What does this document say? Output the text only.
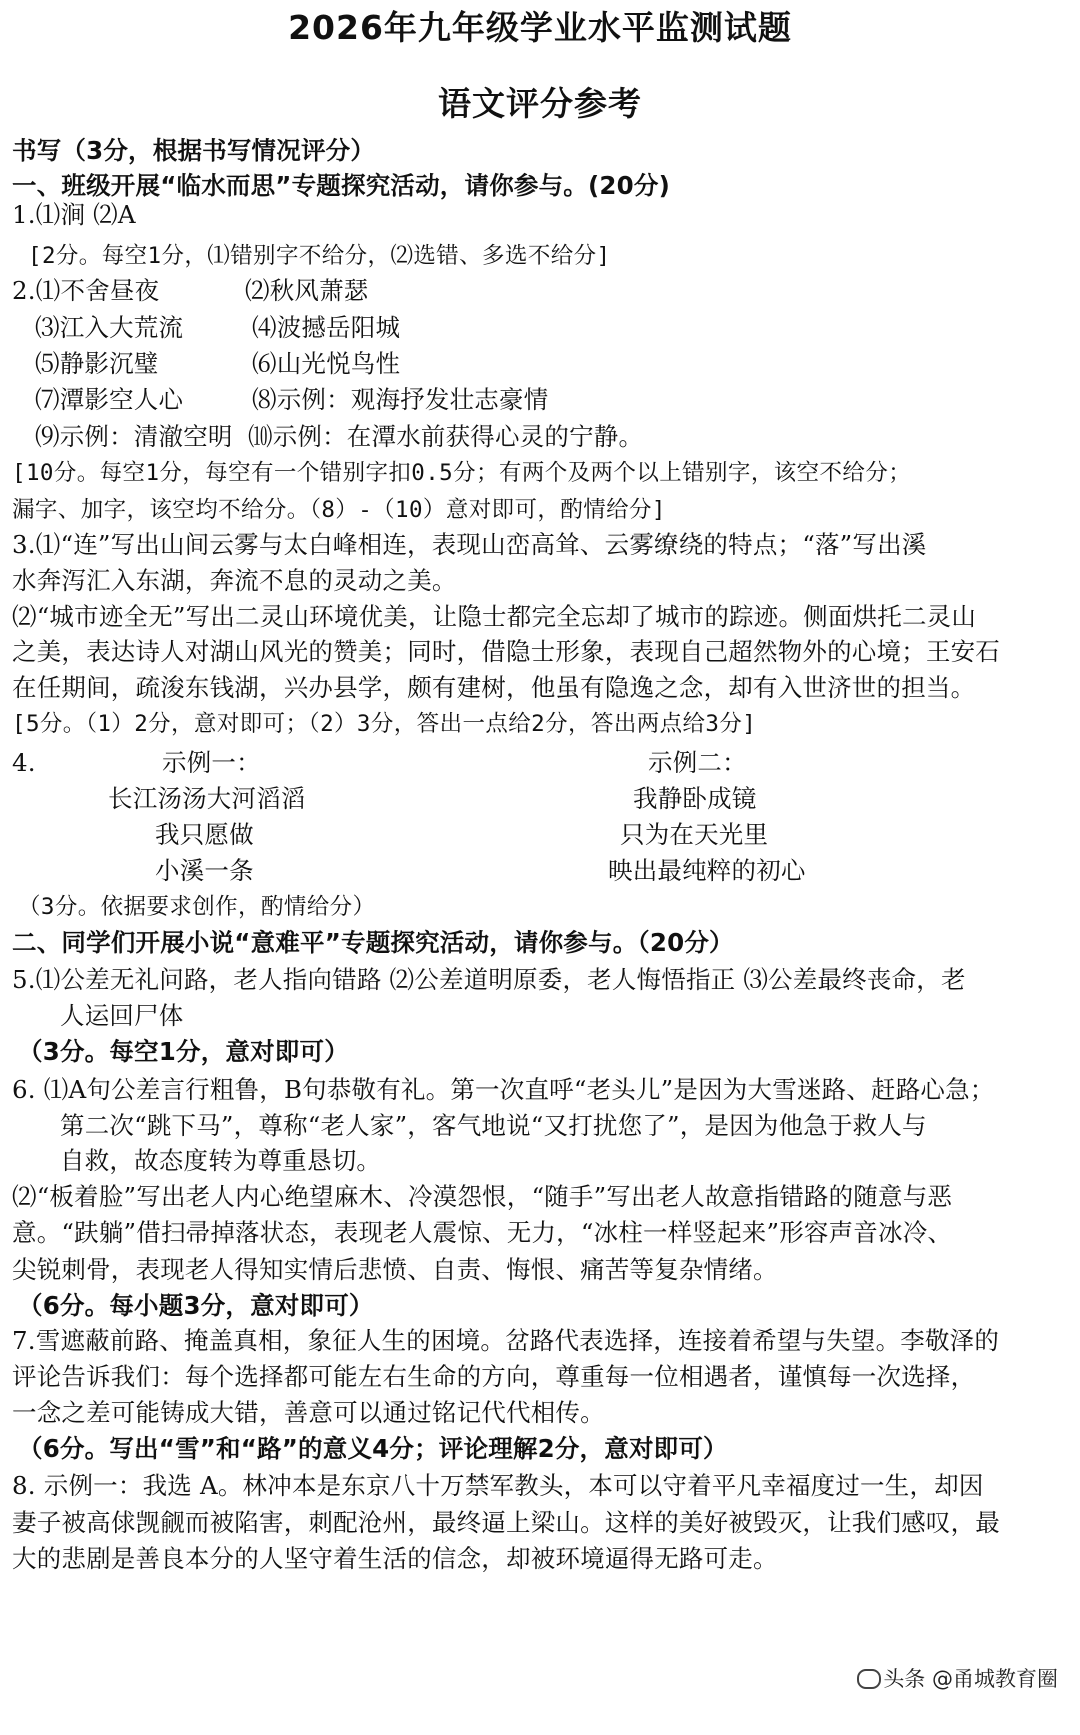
2026年九年级学业水平监测试题
语文评分参考
书写（3分，根据书写情况评分）
一、班级开展“临水而思”专题探究活动，请你参与。(20分)
1.⑴涧 ⑵A
[2分。每空1分，⑴错别字不给分，⑵选错、多选不给分]
2.⑴不舍昼夜	⑵秋风萧瑟
⑶江入大荒流	⑷波撼岳阳城
⑸静影沉璧	⑹山光悦鸟性
⑺潭影空人心	⑻示例：观海抒发壮志豪情
⑼示例：清澈空明 ⑽示例：在潭水前获得心灵的宁静。
[10分。每空1分，每空有一个错别字扣0.5分；有两个及两个以上错别字，该空不给分；
漏字、加字，该空均不给分。（8）-（10）意对即可，酌情给分]
3.⑴“连”写出山间云雾与太白峰相连，表现山峦高耸、云雾缭绕的特点；“落”写出溪
水奔泻汇入东湖，奔流不息的灵动之美。
⑵“城市迹全无”写出二灵山环境优美，让隐士都完全忘却了城市的踪迹。侧面烘托二灵山
之美，表达诗人对湖山风光的赞美；同时，借隐士形象，表现自己超然物外的心境；王安石
在任期间，疏浚东钱湖，兴办县学，颇有建树，他虽有隐逸之念，却有入世济世的担当。
[5分。（1）2分，意对即可；（2）3分，答出一点给2分，答出两点给3分]
4.	示例一：	示例二：
长江汤汤大河滔滔	我静卧成镜
我只愿做	只为在天光里
小溪一条	映出最纯粹的初心
（3分。依据要求创作，酌情给分）
二、同学们开展小说“意难平”专题探究活动，请你参与。（20分）
5.⑴公差无礼问路，老人指向错路 ⑵公差道明原委，老人悔悟指正 ⑶公差最终丧命，老
人运回尸体
（3分。每空1分，意对即可）
6. ⑴A句公差言行粗鲁，B句恭敬有礼。第一次直呼“老头儿”是因为大雪迷路、赶路心急；
第二次“跳下马”，尊称“老人家”，客气地说“又打扰您了”，是因为他急于救人与
自救，故态度转为尊重恳切。
⑵“板着脸”写出老人内心绝望麻木、冷漠怨恨，“随手”写出老人故意指错路的随意与恶
意。“趺躺”借扫帚掉落状态，表现老人震惊、无力，“冰柱一样竖起来”形容声音冰冷、
尖锐刺骨，表现老人得知实情后悲愤、自责、悔恨、痛苦等复杂情绪。
（6分。每小题3分，意对即可）
7.雪遮蔽前路、掩盖真相，象征人生的困境。岔路代表选择，连接着希望与失望。李敬泽的
评论告诉我们：每个选择都可能左右生命的方向，尊重每一位相遇者，谨慎每一次选择，
一念之差可能铸成大错，善意可以通过铭记代代相传。
（6分。写出“雪”和“路”的意义4分；评论理解2分，意对即可）
8. 示例一：我选 A。林冲本是东京八十万禁军教头，本可以守着平凡幸福度过一生，却因
妻子被高俅觊觎而被陷害，刺配沧州，最终逼上梁山。这样的美好被毁灭，让我们感叹，最
大的悲剧是善良本分的人坚守着生活的信念，却被环境逼得无路可走。
头条 @甬城教育圈
